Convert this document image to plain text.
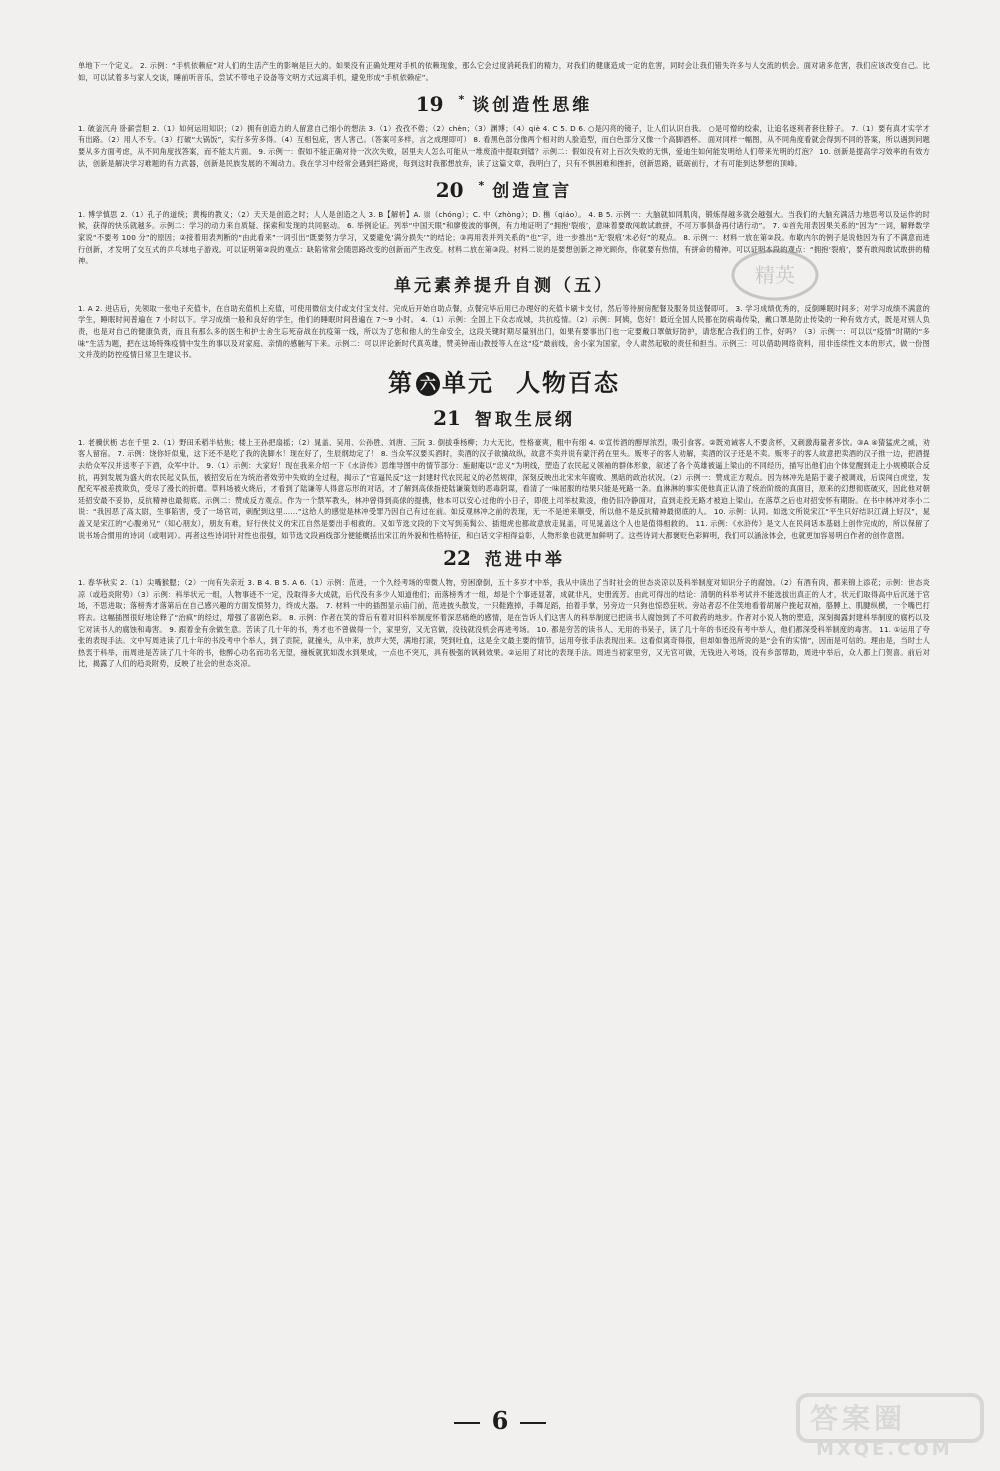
单地下一个定义。 2. 示例：“手机依赖症”对人们的生活产生的影响是巨大的。如果没有正确处理对手机的依赖现象，那么它会过度消耗我们的精力，对我们的健康造成一定的危害，同时会让我们错失许多与人交流的机会。面对诸多危害，我们应该改变自己。比如，可以试着多与家人交谈，睡前听音乐，尝试不带电子设备等文明方式远离手机，避免形成“手机依赖症”。

19 * 谈创造性思维

1. 破釜沉舟 卧薪尝胆 2.（1）如何运用知识；（2）拥有创造力的人留意自己细小的想法 3.（1）孜孜不倦；（2）chèn；（3）渊博；（4）qiè 4. C 5. D 6. ○是闪亮的镜子，让人们认识自我。 ○是可憎的绞索，让追名逐利者套住脖子。 7.（1）要有真才实学才有出路。（2）用人不专。（3）打破“大锅饭”，实行多劳多得。（4）互相包庇，害人害己。（答案可多样，言之成理即可） 8. 看黑色部分像两个相对的人脸造型，而白色部分又像一个高脚酒杯。 面对同样一幅图，从不同角度看就会得到不同的答案，所以遇到问题要从多方面考虑，从不同角度找答案，而不能太片面。 9. 示例一：假如不能正确对待一次次失败，居里夫人怎么可能从一堆废渣中提取到镭？示例二：假如没有对上百次失败的无惧，爱迪生如何能发明给人们带来光明的灯泡？ 10. 创新是提高学习效率的有效方法，创新是解决学习难题的有力武器，创新是民族发展的不竭动力。我在学习中经常会遇到拦路虎，每到这时我都想放弃，读了这篇文章，我明白了，只有不惧困难和挫折，创新思路，砥砺前行，才有可能到达梦想的顶峰。

20 * 创造宣言

1. 博学慎思 2.（1）孔子的道统；黄梅的教义；（2）天天是创造之时；人人是创造之人 3. B【解析】A. 崇（chóng）；C. 中（zhòng）；D. 樵（qiáo）。 4. B 5. 示例一：大脑就如同肌肉，锻炼得越多就会越强大。当我们的大脑充满活力地思考以及运作的时候，获得的快乐就越多。示例二：学习的动力来自质疑、探索和发现的共同驱动。 6. 举例论证。列举“中国天眼”和廖俊波的事例，有力地证明了“拥抱‘裂痕’，意味着要敢闯敢试敢拼，不可万事俱备再付诸行动”。 7. ①首先用表因果关系的“因为”一词，解释数学家说“不要考 100 分”的原因；②接着用表判断的“由此看来”一词引出“既要努力学习，又要避免‘满分损失’”的结论；③再用表并列关系的“也”字，进一步推出“无‘裂痕’未必好”的观点。 8. 示例一：材料一放在第②段。布歇内尔的例子是说他因为有了不满意而进行创新，才发明了交互式的乒乓球电子游戏。可以证明第②段的观点：缺陷常常会随思路改变的创新而产生改变。材料二放在第③段。材料二说的是要想创新之神光顾你，你就要有热情，有拼命的精神。可以证明本段的观点：“拥抱‘裂痕’，要有敢闯敢试敢拼的精神。

单元素养提升自测（五）

1. A 2. 进店后，先领取一张电子充值卡，在自助充值机上充值，可使用微信支付或支付宝支付。完成后开始自助点餐，点餐完毕后用已办理好的充值卡刷卡支付，然后等待厨房配餐及服务员送餐即可。 3. 学习成绩优秀的，反倒睡眠时间多；对学习成绩不满意的学生，睡眠时间普遍在 7 小时以下。学习成绩一般和良好的学生，他们的睡眠时间普遍在 7～9 小时。 4.（1）示例：全国上下众志成城，共抗疫情。（2）示例：阿姨，您好！最近全国人民都在防病毒传染，戴口罩是防止传染的一种有效方式，既是对别人负责，也是对自己的健康负责，而且有那么多的医生和护士舍生忘死奋战在抗疫第一线，所以为了您和他人的生命安全，这段关键时期尽量别出门，如果有要事出门也一定要戴口罩做好防护，请您配合我们的工作，好吗？（3）示例一：可以以“疫情”时期的“多味”生活为题，把在这场特殊疫情中发生的事以及对家庭、亲情的感触写下来。示例二：可以评论新时代真英雄，赞美钟南山教授等人在这“疫”最前线，舍小家为国家，令人肃然起敬的责任和担当。示例三：可以借助网络资料，用非连续性文本的形式，做一份图文并茂的防控疫情日常卫生建议书。

第 六 单元 人物百态
21 智取生辰纲

1. 老骥伏枥 志在千里 2.（1）野田禾稻半枯焦；楼上王孙把扇摇；（2）晁盖、吴用、公孙胜、刘唐、三阮 3. 倒拔垂杨柳；力大无比，性格豪爽，粗中有细 4. ①宣传酒的醇厚浓烈，吸引食客。②既劝诫客人不要贪杯，又刺激海量者多饮。③A ④猜猛虎之威，劝客人留宿。 7. 示例：饶你奸似鬼，这下还不是吃了我的洗脚水！现在好了，生辰纲劫定了！ 8. 当众军汉要买酒时，卖酒的汉子欲擒故纵，故意不卖并说有蒙汗药在里头。贩枣子的客人劝解，卖酒的汉子还是不卖。贩枣子的客人故意把卖酒的汉子推一边，把酒提去给众军汉并送枣子下酒，众军中计。 9.（1）示例：大家好！现在我来介绍一下《水浒传》思维导图中的情节部分：施耐庵以“忠义”为明线，塑造了农民起义领袖的群体形象，叙述了各个英雄被逼上梁山的不同经历，描写出他们由个体觉醒到走上小规模联合反抗，再到发展为盛大的农民起义队伍，被招安后在为统治者效劳中失败的全过程，揭示了“官逼民反”这一封建时代农民起义的必然规律，深刻反映出北宋末年腐败、黑暗的政治状况。（2）示例一：赞成正方观点。因为林冲先是陷于妻子被调戏，后误闯白虎堂，发配充军被差拨欺负，受尽了漫长的折磨。草料场被火烧后，才看到了陆谦等人得意忘形的对话，才了解到高俅指使陆谦策划的恶毒阴谋，看清了一味屈服的结果只能是死路一条。血淋淋的事实使他真正认清了统治阶级的真面目，原来的幻想彻底破灭，因此他对朝廷招安最不妥协，反抗精神也最彻底。示例二：赞成反方观点。作为一个禁军教头，林冲曾得到高俅的提携，他本可以安心过他的小日子，即使上司举杖欺凌，他仍旧冷静面对，直到走投无路才被迫上梁山。在落草之后也对招安怀有期盼。在书中林冲对李小二说：“我因恶了高太尉，生事陷害，受了一场官司，刺配到这里……”这给人的感觉是林冲受罪乃因自己有过在前。如反观林冲之前的表现，无一不是逆来顺受，所以他不是反抗精神最彻底的人。 10. 示例：认同。如选文所说宋江“平生只好结识江湖上好汉”，晁盖又是宋江的“心腹弟兄”（知心朋友），朋友有难，好行侠仗义的宋江自然是要出手相救的。又如节选文段的下文写到美髯公、插翅虎也都故意放走晁盖，可见晁盖这个人也是值得相救的。 11. 示例：《水浒传》是文人在民间话本基础上创作完成的，所以保留了说书场合惯用的诗词（或唱词）。再者这些诗词针对性也很强，如节选文段画线部分便能概括出宋江的外貌和性格特征，和白话文字相得益彰，人物形象也就更加鲜明了。这些诗词大都褒贬色彩鲜明，我们可以涵泳体会，也就更加容易明白作者的创作意图。

22 范进中举

1. 春华秋实 2.（1）尖嘴猴腮；（2）一向有失亲近 3. B 4. B 5. A 6.（1）示例：范进，一个久经考场的卑微人物，穷困潦倒，五十多岁才中举，我从中读出了当时社会的世态炎凉以及科举制度对知识分子的腐蚀。（2）有酒有肉，都来锦上添花；示例：世态炎凉（或趋炎附势）（3）示例：科举状元一组，人物事迹不一定，没取得多大成就，后代没有多少人知道他们；而落榜秀才一组，却是个个事迹显著，成就非凡，史册流芳。由此可得出的结论：清朝的科举考试并不能选拔出真正的人才，状元们取得高中后沉迷于官场，不思进取；落榜秀才落第后在自己感兴趣的方面发愤努力，终成大器。 7. 材料一中的插图显示庙门前，范进披头散发，一只鞋跑掉，手舞足蹈，拍着手掌，另旁边一只狗也惊恐狂吠。旁站者忍不住笑地看着胡屠户挽起双袖，胳膊上、肌腱纵横，一个嘴巴打将去。这幅插图很好地诠释了“治疯”的经过，增强了喜剧色彩。 8. 示例：作者在笑的背后有着对旧科举制度怀着深恶痛绝的感情，是在告诉人们这害人的科举制度已把读书人腐蚀到了不可救药的地步。作者对小说人物的塑造，深刻揭露封建科举制度的腐朽以及它对读书人的腐蚀和毒害。 9. 跟着金有余做生意。苦读了几十年的书，秀才也不曾做得一个，家里穷，又无官做，没钱就没机会再进考场。 10. 都是穷苦的读书人、无用的书呆子，读了几十年的书还没有考中举人，他们都深受科举制度的毒害。 11. ①运用了夸张的表现手法。文中写周进读了几十年的书没考中个举人，到了贡院，就撞头，从中来，放声大哭，满地打滚，哭到吐血，这是全文最主要的情节，运用夸张手法表现出来。这看似离奇得很，但却如鲁迅所说的是“会有的实情”，因而是可信的。理由是，当时士人热衷于科举，而周进是苦读了几十年的书，他醉心功名而功名无望，撞板就犹如泼水到果成，一点也不突兀，具有极强的讽刺效果。②运用了对比的表现手法。周进当初家里穷，又无官可做，无钱进入考场，没有乡部帮助，周进中举后，众人都上门贺喜。前后对比，揭露了人们的趋炎附势，反映了社会的世态炎凉。

精英
6	答案圈
MXQE.COM
